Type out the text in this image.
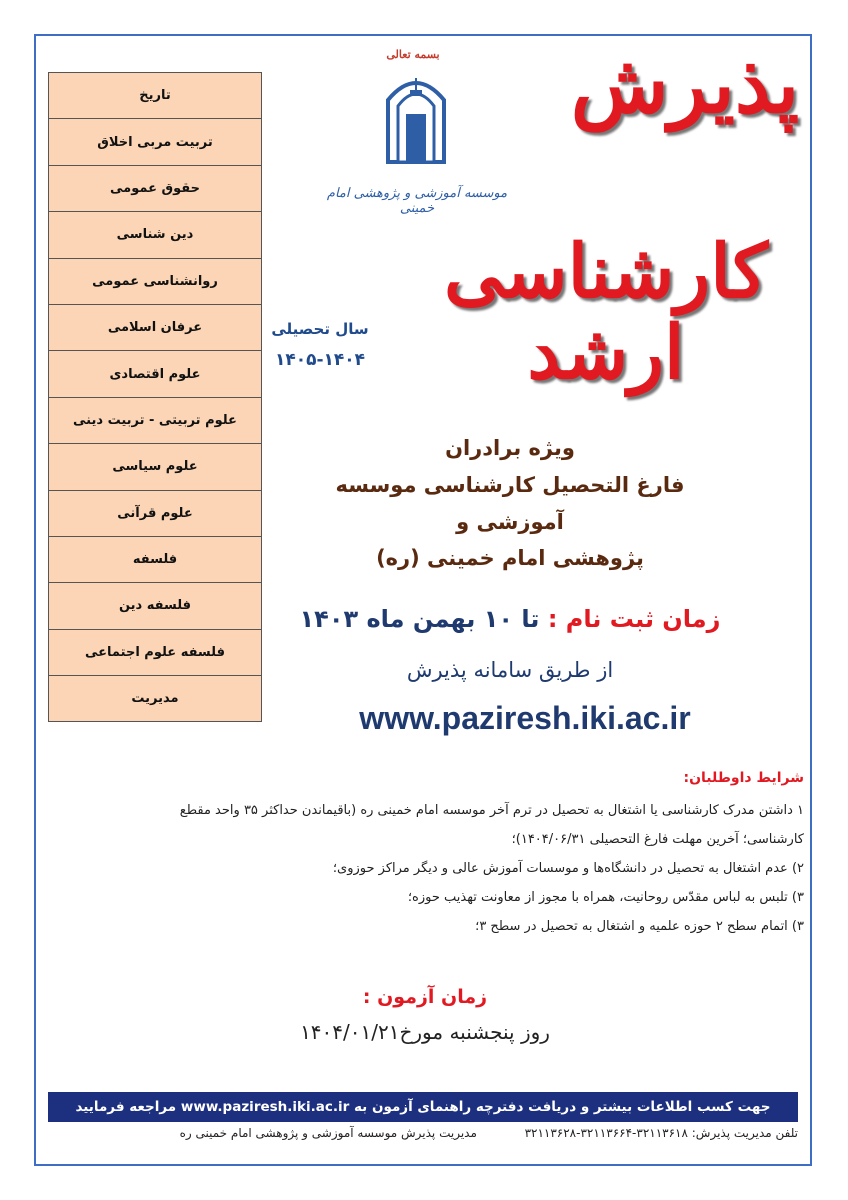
تاریخ
تربیت مربی اخلاق
حقوق عمومی
دین شناسی
روانشناسی عمومی
عرفان اسلامی
علوم اقتصادی
علوم تربیتی - تربیت دینی
علوم سیاسی
علوم قرآنی
فلسفه
فلسفه دین
فلسفه علوم اجتماعی
مدیریت
بسمه تعالی
موسسه آموزشی و پژوهشی امام خمینی
پذیرش
کارشناسی ارشد
سال تحصیلی
۱۴۰۵-۱۴۰۴
ویژه برادران
فارغ التحصیل کارشناسی موسسه آموزشی و
پژوهشی امام خمینی (ره)
زمان ثبت نام : تا ۱۰ بهمن ماه ۱۴۰۳
از طریق سامانه پذیرش
www.paziresh.iki.ac.ir
شرایط داوطلبان:
۱ داشتن مدرک کارشناسی یا اشتغال به تحصیل در ترم آخر موسسه امام خمینی ره (باقیماندن حداکثر ۳۵ واحد مقطع
کارشناسی؛ آخرین مهلت فارغ التحصیلی ۱۴۰۴/۰۶/۳۱)؛
۲) عدم اشتغال به تحصیل در دانشگاه‌ها و موسسات آموزش عالی و دیگر مراکز حوزوی؛
۳) تلبس به لباس مقدّس روحانیت، همراه با مجوز از معاونت تهذیب حوزه؛
۳) اتمام سطح ۲ حوزه علمیه و اشتغال به تحصیل در سطح ۳؛
زمان آزمون :
روز پنجشنبه مورخ۱۴۰۴/۰۱/۲۱
جهت کسب اطلاعات بیشتر و دریافت دفترچه راهنمای آزمون به www.paziresh.iki.ac.ir مراجعه فرمایید
تلفن مدیریت پذیرش: ۳۲۱۱۳۶۱۸-۳۲۱۱۳۶۶۴-۳۲۱۱۳۶۲۸  مدیریت پذیرش موسسه آموزشی و پژوهشی امام خمینی ره
